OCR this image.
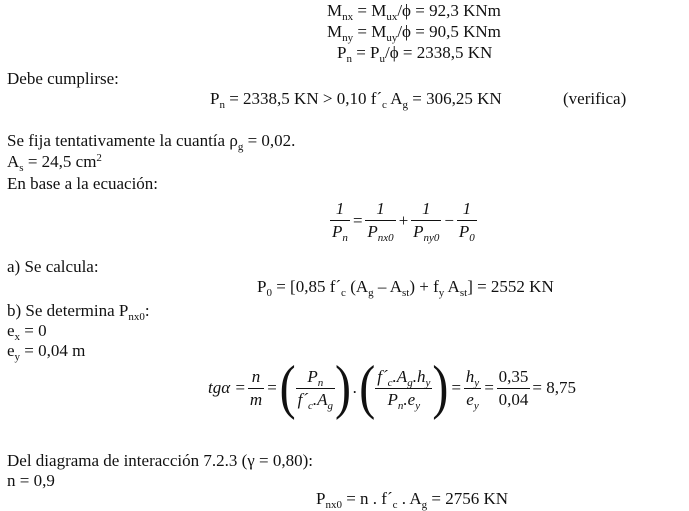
$M_{nx} = M_{ux}/\phi = 92,3$ KNm
$M_{ny} = M_{uy}/\phi = 90,5$ KNm
$P_n = P_u/\phi = 2338,5$ KN
Debe cumplirse:
$P_n = 2338,5$ KN > 0,10 $f´_c$ $A_g = 306,25$ KN	(verifica)
Se fija tentativamente la cuantía $\rho_g = 0,02$.
$A_s = 24,5$ $cm^2$
En base a la ecuación:
$\frac{1}{P_n} = \frac{1}{P_{nx0}} + \frac{1}{P_{ny0}} - \frac{1}{P_0}$
a) Se calcula:
$P_0 = [0,85$ $f´_c$ $(A_g - A_{st}) + f_y$ $A_{st}] = 2552$ KN
b) Se determina $P_{nx0}$:
$e_x = 0$
$e_y = 0,04$ m
$tg\alpha = \frac{n}{m}$ =( $\frac{P_n}{f´_c.A_g}$ ) .( $\frac{f´_c.A_g.h_y}{P_n.e_y}$ ) = $\frac{h_y}{e_y} = \frac{0,35}{0,04} = 8,75$
Del diagrama de interacción 7.2.3 (γ = 0,80):
n = 0,9
$P_{nx0} = n$ . $f´_c$ . $A_g = 2756$ KN
